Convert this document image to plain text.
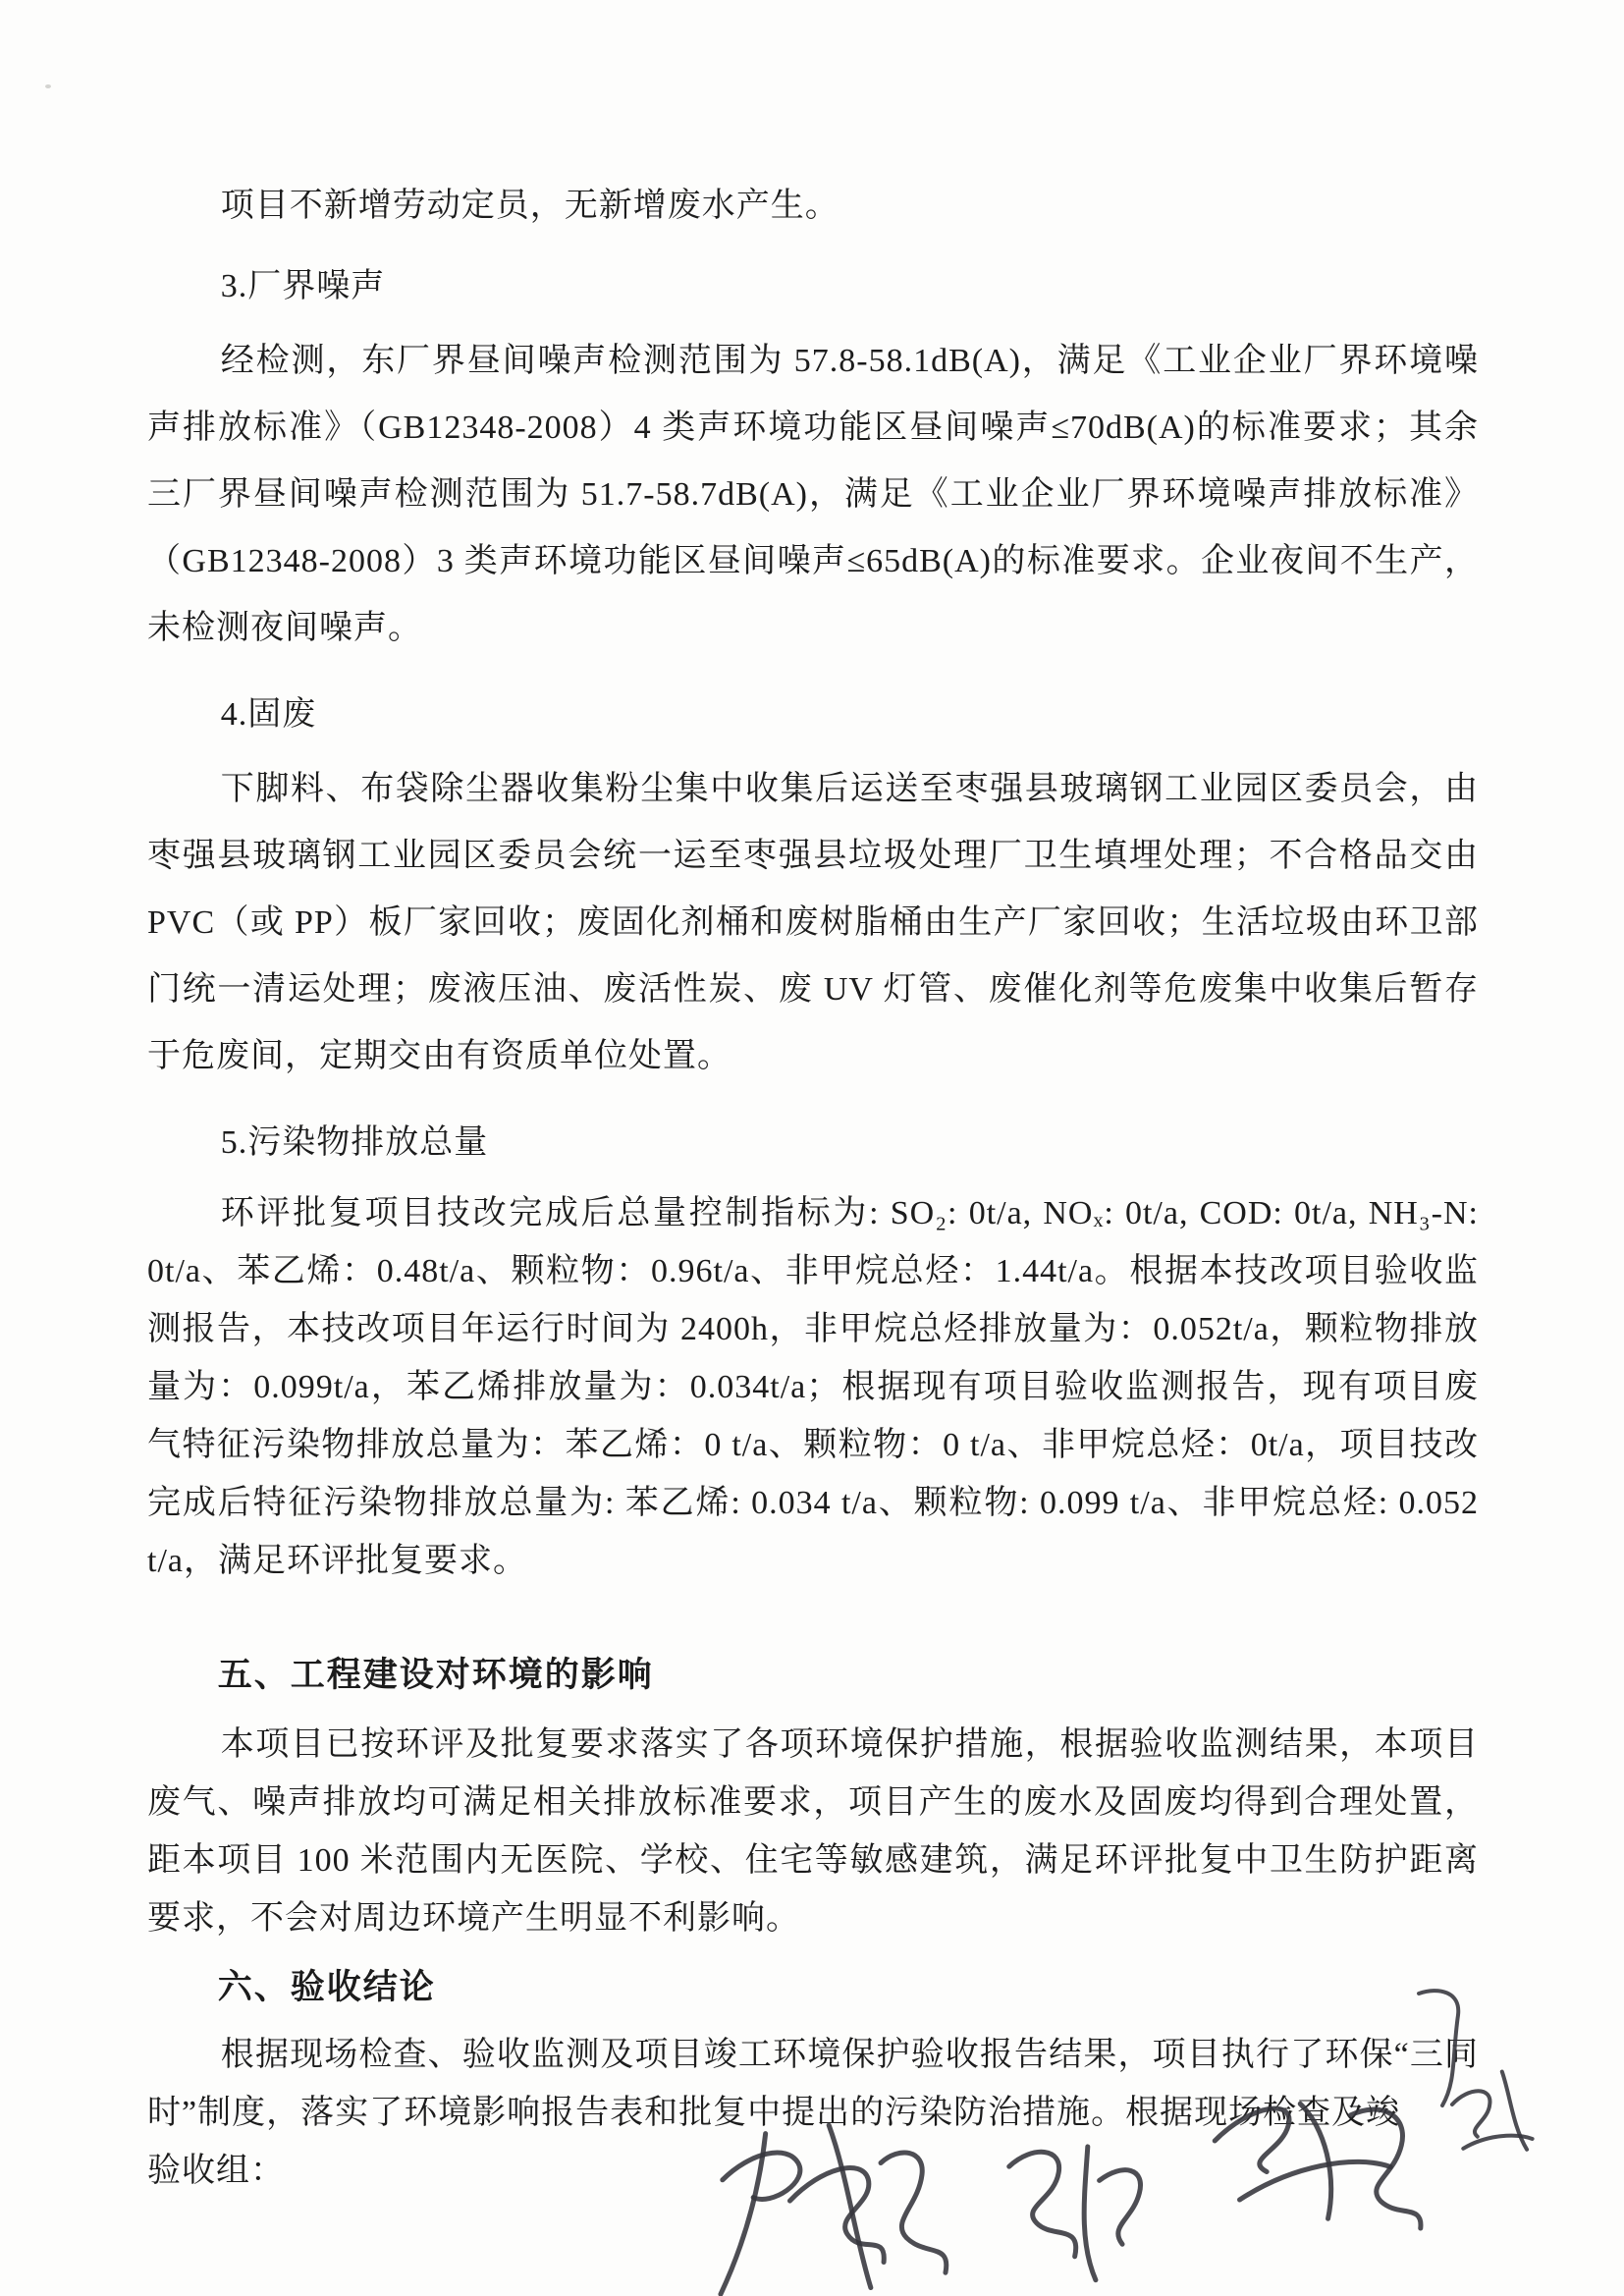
项目不新增劳动定员，无新增废水产生。

3.厂界噪声

经检测，东厂界昼间噪声检测范围为 57.8-58.1dB(A)，满足《工业企业厂界环境噪声排放标准》（GB12348-2008）4 类声环境功能区昼间噪声≤70dB(A)的标准要求；其余三厂界昼间噪声检测范围为 51.7-58.7dB(A)，满足《工业企业厂界环境噪声排放标准》（GB12348-2008）3 类声环境功能区昼间噪声≤65dB(A)的标准要求。企业夜间不生产，未检测夜间噪声。

4.固废

下脚料、布袋除尘器收集粉尘集中收集后运送至枣强县玻璃钢工业园区委员会，由枣强县玻璃钢工业园区委员会统一运至枣强县垃圾处理厂卫生填埋处理；不合格品交由 PVC（或 PP）板厂家回收；废固化剂桶和废树脂桶由生产厂家回收；生活垃圾由环卫部门统一清运处理；废液压油、废活性炭、废 UV 灯管、废催化剂等危废集中收集后暂存于危废间，定期交由有资质单位处置。

5.污染物排放总量

环评批复项目技改完成后总量控制指标为: SO₂: 0t/a, NOₓ: 0t/a, COD: 0t/a, NH₃-N: 0t/a、苯乙烯：0.48t/a、颗粒物：0.96t/a、非甲烷总烃：1.44t/a。根据本技改项目验收监测报告，本技改项目年运行时间为 2400h，非甲烷总烃排放量为：0.052t/a，颗粒物排放量为：0.099t/a，苯乙烯排放量为：0.034t/a；根据现有项目验收监测报告，现有项目废气特征污染物排放总量为：苯乙烯：0 t/a、颗粒物：0 t/a、非甲烷总烃：0t/a，项目技改完成后特征污染物排放总量为: 苯乙烯: 0.034 t/a、颗粒物: 0.099 t/a、非甲烷总烃: 0.052 t/a，满足环评批复要求。

五、工程建设对环境的影响

本项目已按环评及批复要求落实了各项环境保护措施，根据验收监测结果，本项目废气、噪声排放均可满足相关排放标准要求，项目产生的废水及固废均得到合理处置，距本项目 100 米范围内无医院、学校、住宅等敏感建筑，满足环评批复中卫生防护距离要求，不会对周边环境产生明显不利影响。

六、验收结论

根据现场检查、验收监测及项目竣工环境保护验收报告结果，项目执行了环保“三同时”制度，落实了环境影响报告表和批复中提出的污染防治措施。根据现场检查及竣

验收组：
